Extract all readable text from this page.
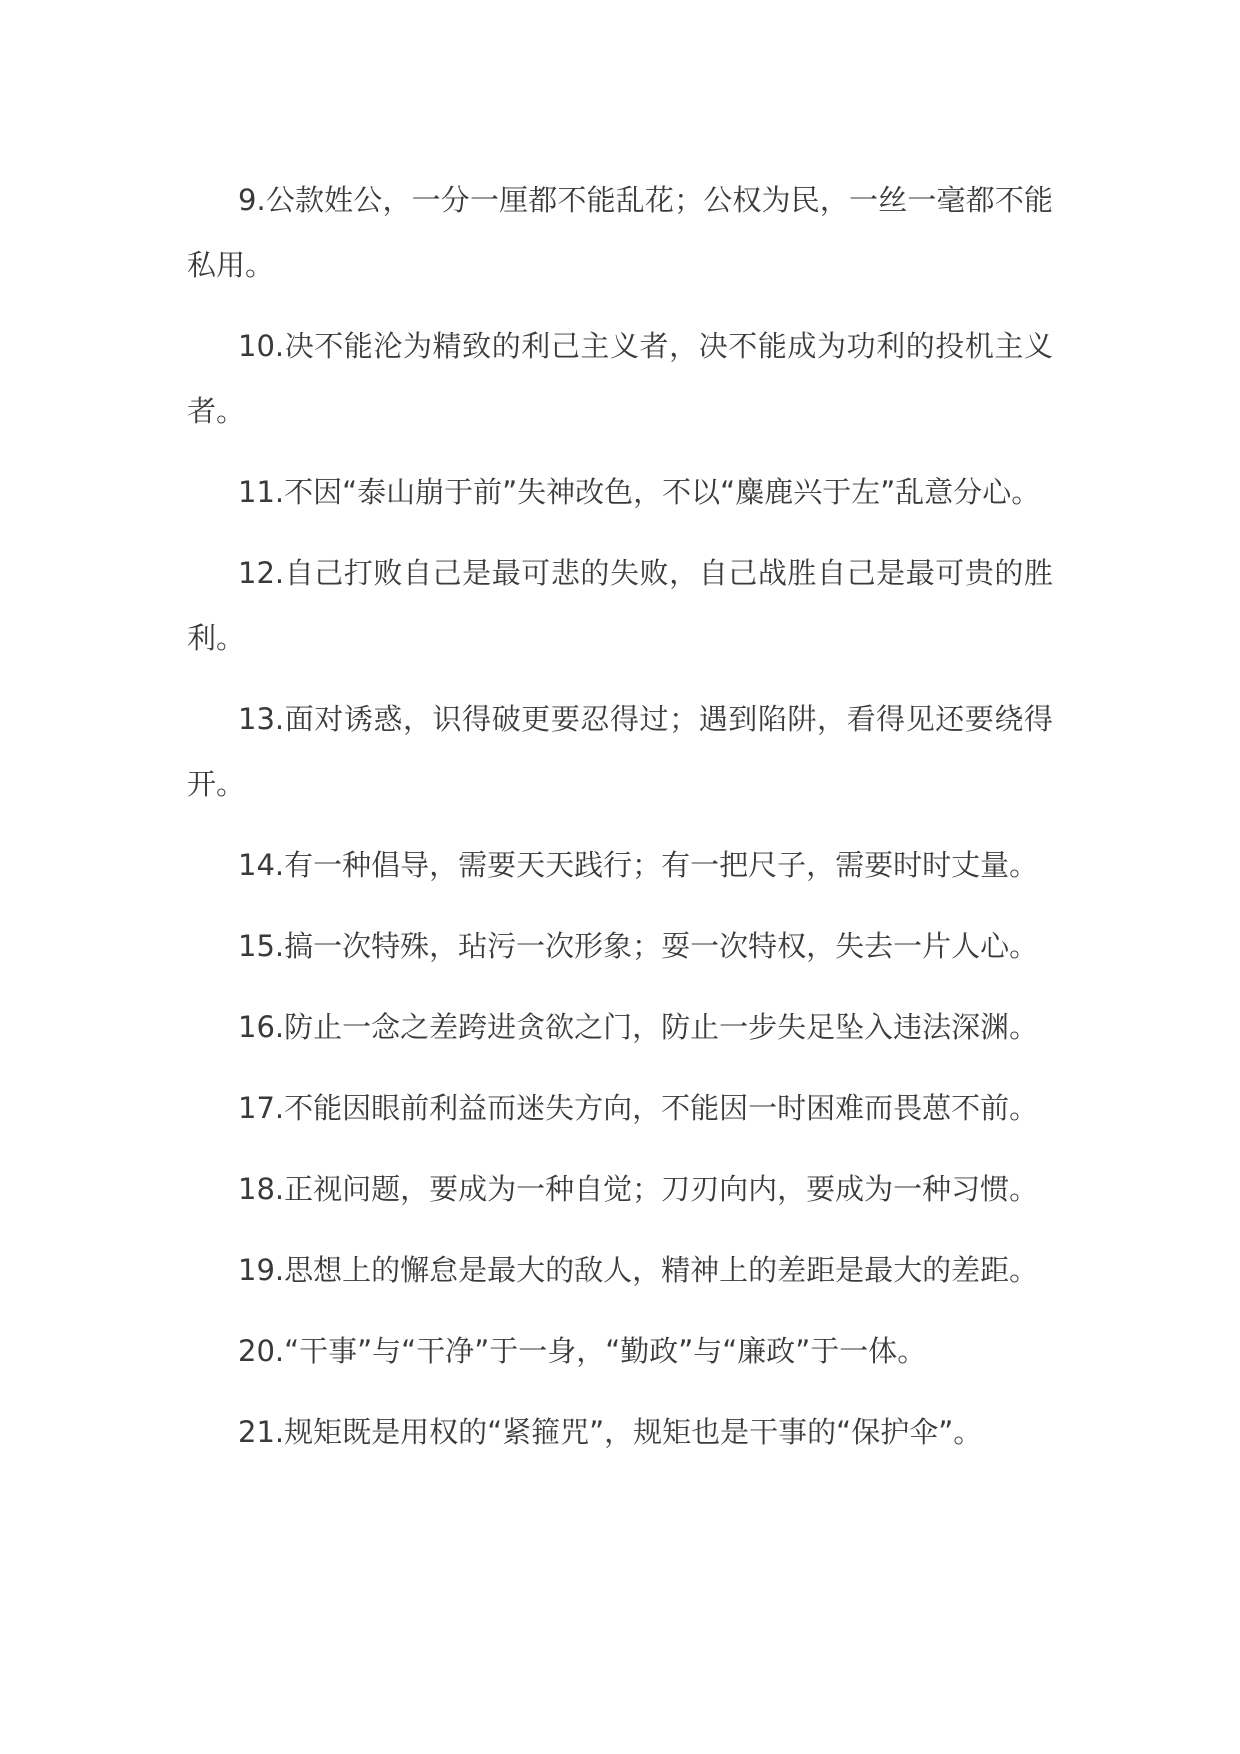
9.公款姓公，一分一厘都不能乱花；公权为民，一丝一毫都不能私用。

10.决不能沦为精致的利己主义者，决不能成为功利的投机主义者。

11.不因“泰山崩于前”失神改色，不以“麋鹿兴于左”乱意分心。

12.自己打败自己是最可悲的失败，自己战胜自己是最可贵的胜利。

13.面对诱惑，识得破更要忍得过；遇到陷阱，看得见还要绕得开。

14.有一种倡导，需要天天践行；有一把尺子，需要时时丈量。

15.搞一次特殊，玷污一次形象；耍一次特权，失去一片人心。

16.防止一念之差跨进贪欲之门，防止一步失足坠入违法深渊。

17.不能因眼前利益而迷失方向，不能因一时困难而畏葸不前。

18.正视问题，要成为一种自觉；刀刃向内，要成为一种习惯。

19.思想上的懈怠是最大的敌人，精神上的差距是最大的差距。

20.“干事”与“干净”于一身，“勤政”与“廉政”于一体。

21.规矩既是用权的“紧箍咒”，规矩也是干事的“保护伞”。
